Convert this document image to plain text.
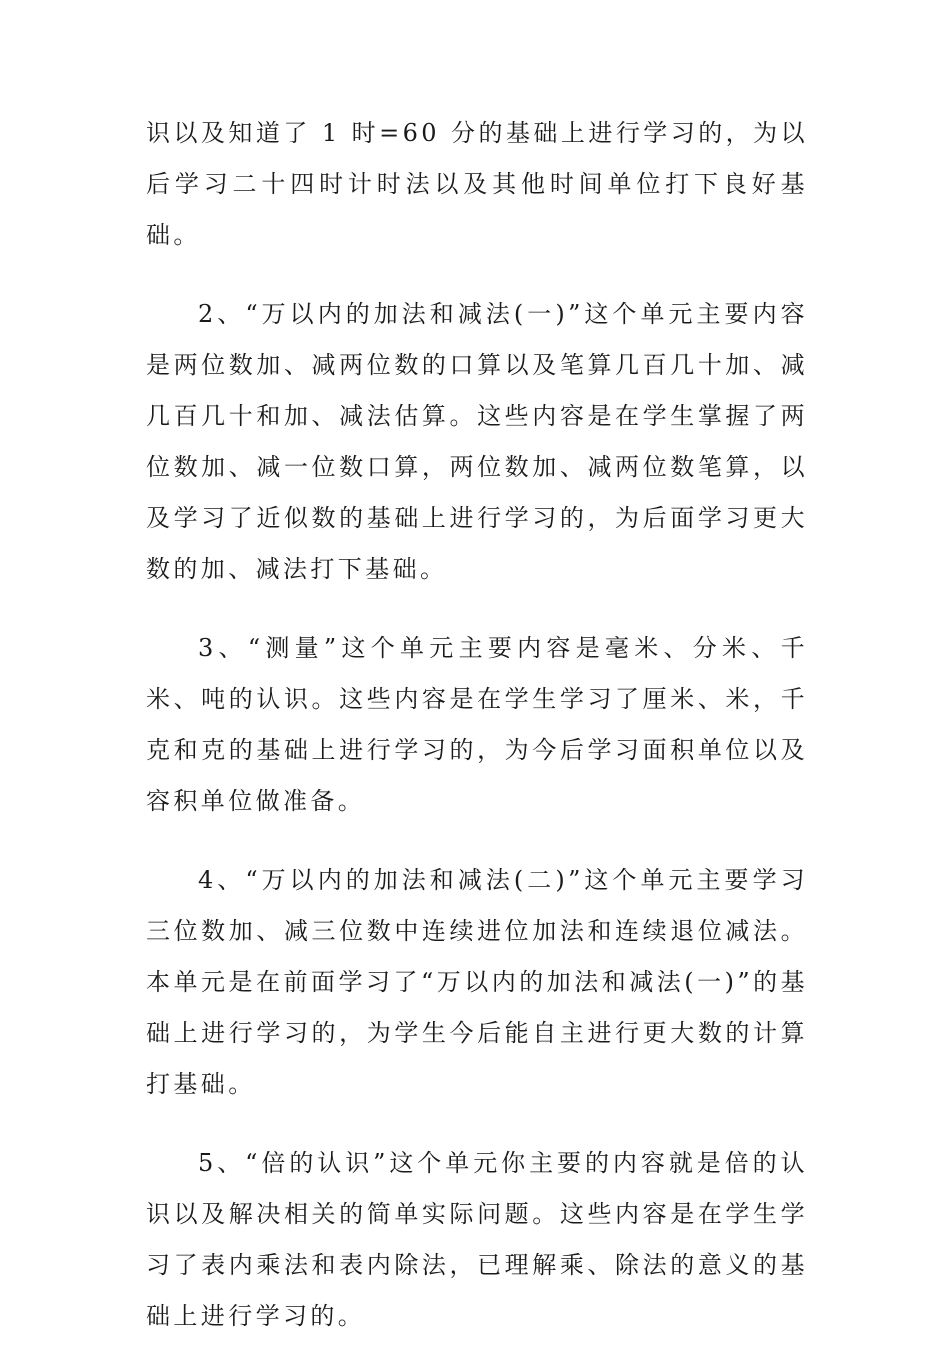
识以及知道了 1 时=60 分的基础上进行学习的，为以后学习二十四时计时法以及其他时间单位打下良好基础。

2、“万以内的加法和减法(一)”这个单元主要内容是两位数加、减两位数的口算以及笔算几百几十加、减几百几十和加、减法估算。这些内容是在学生掌握了两位数加、减一位数口算，两位数加、减两位数笔算，以及学习了近似数的基础上进行学习的，为后面学习更大数的加、减法打下基础。

3、“测量”这个单元主要内容是毫米、分米、千米、吨的认识。这些内容是在学生学习了厘米、米，千克和克的基础上进行学习的，为今后学习面积单位以及容积单位做准备。

4、“万以内的加法和减法(二)”这个单元主要学习三位数加、减三位数中连续进位加法和连续退位减法。本单元是在前面学习了“万以内的加法和减法(一)”的基础上进行学习的，为学生今后能自主进行更大数的计算打基础。

5、“倍的认识”这个单元你主要的内容就是倍的认识以及解决相关的简单实际问题。这些内容是在学生学习了表内乘法和表内除法，已理解乘、除法的意义的基础上进行学习的。
